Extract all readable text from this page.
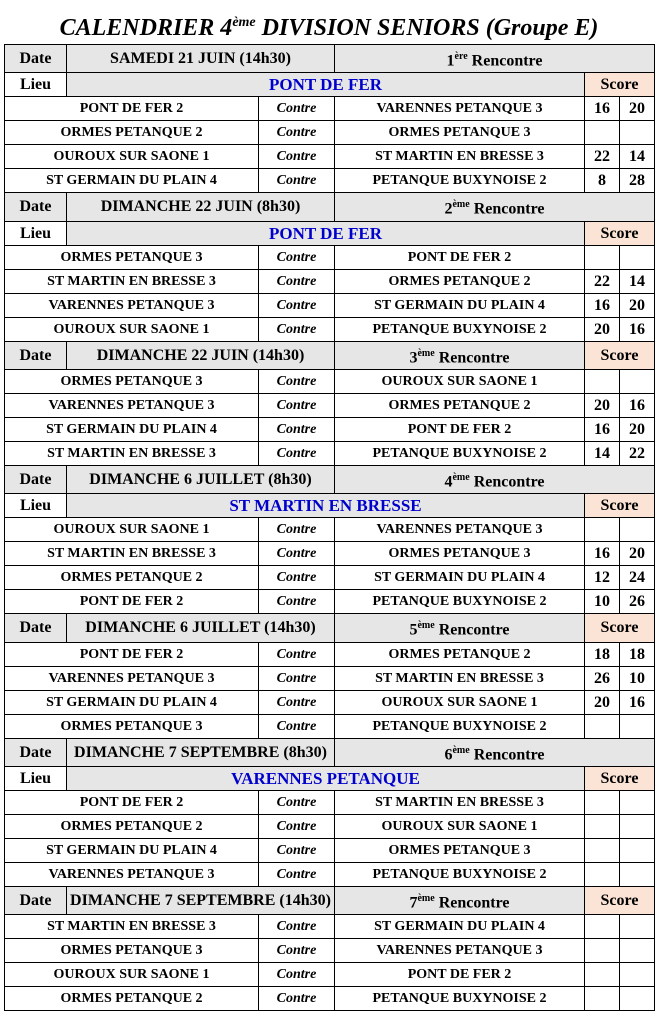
CALENDRIER 4ème DIVISION SENIORS (Groupe E)
Date	SAMEDI 21 JUIN (14h30)		1ère Rencontre		
Lieu	PONT DE FER			Score	
PONT DE FER 2		Contre	VARENNES PETANQUE 3	16	20
ORMES PETANQUE 2		Contre	ORMES PETANQUE 3		
OUROUX SUR SAONE 1		Contre	ST MARTIN EN BRESSE 3	22	14
ST GERMAIN DU PLAIN 4		Contre	PETANQUE BUXYNOISE 2	8	28
Date	DIMANCHE 22 JUIN (8h30)		2ème Rencontre		
Lieu	PONT DE FER			Score	
ORMES PETANQUE 3		Contre	PONT DE FER 2		
ST MARTIN EN BRESSE 3		Contre	ORMES PETANQUE 2	22	14
VARENNES PETANQUE 3		Contre	ST GERMAIN DU PLAIN 4	16	20
OUROUX SUR SAONE 1		Contre	PETANQUE BUXYNOISE 2	20	16
Date	DIMANCHE 22 JUIN (14h30)		3ème Rencontre	Score	
ORMES PETANQUE 3		Contre	OUROUX SUR SAONE 1		
VARENNES PETANQUE 3		Contre	ORMES PETANQUE 2	20	16
ST GERMAIN DU PLAIN 4		Contre	PONT DE FER 2	16	20
ST MARTIN EN BRESSE 3		Contre	PETANQUE BUXYNOISE 2	14	22
Date	DIMANCHE 6 JUILLET (8h30)		4ème Rencontre		
Lieu	ST MARTIN EN BRESSE			Score	
OUROUX SUR SAONE 1		Contre	VARENNES PETANQUE 3		
ST MARTIN EN BRESSE 3		Contre	ORMES PETANQUE 3	16	20
ORMES PETANQUE 2		Contre	ST GERMAIN DU PLAIN 4	12	24
PONT DE FER 2		Contre	PETANQUE BUXYNOISE 2	10	26
Date	DIMANCHE 6 JUILLET (14h30)		5ème Rencontre	Score	
PONT DE FER 2		Contre	ORMES PETANQUE 2	18	18
VARENNES PETANQUE 3		Contre	ST MARTIN EN BRESSE 3	26	10
ST GERMAIN DU PLAIN 4		Contre	OUROUX SUR SAONE 1	20	16
ORMES PETANQUE 3		Contre	PETANQUE BUXYNOISE 2		
Date	DIMANCHE 7 SEPTEMBRE (8h30)		6ème Rencontre		
Lieu	VARENNES PETANQUE			Score	
PONT DE FER 2		Contre	ST MARTIN EN BRESSE 3		
ORMES PETANQUE 2		Contre	OUROUX SUR SAONE 1		
ST GERMAIN DU PLAIN 4		Contre	ORMES PETANQUE 3		
VARENNES PETANQUE 3		Contre	PETANQUE BUXYNOISE 2		
Date	DIMANCHE 7 SEPTEMBRE (14h30)		7ème Rencontre	Score	
ST MARTIN EN BRESSE 3		Contre	ST GERMAIN DU PLAIN 4		
ORMES PETANQUE 3		Contre	VARENNES PETANQUE 3		
OUROUX SUR SAONE 1		Contre	PONT DE FER 2		
ORMES PETANQUE 2		Contre	PETANQUE BUXYNOISE 2		
